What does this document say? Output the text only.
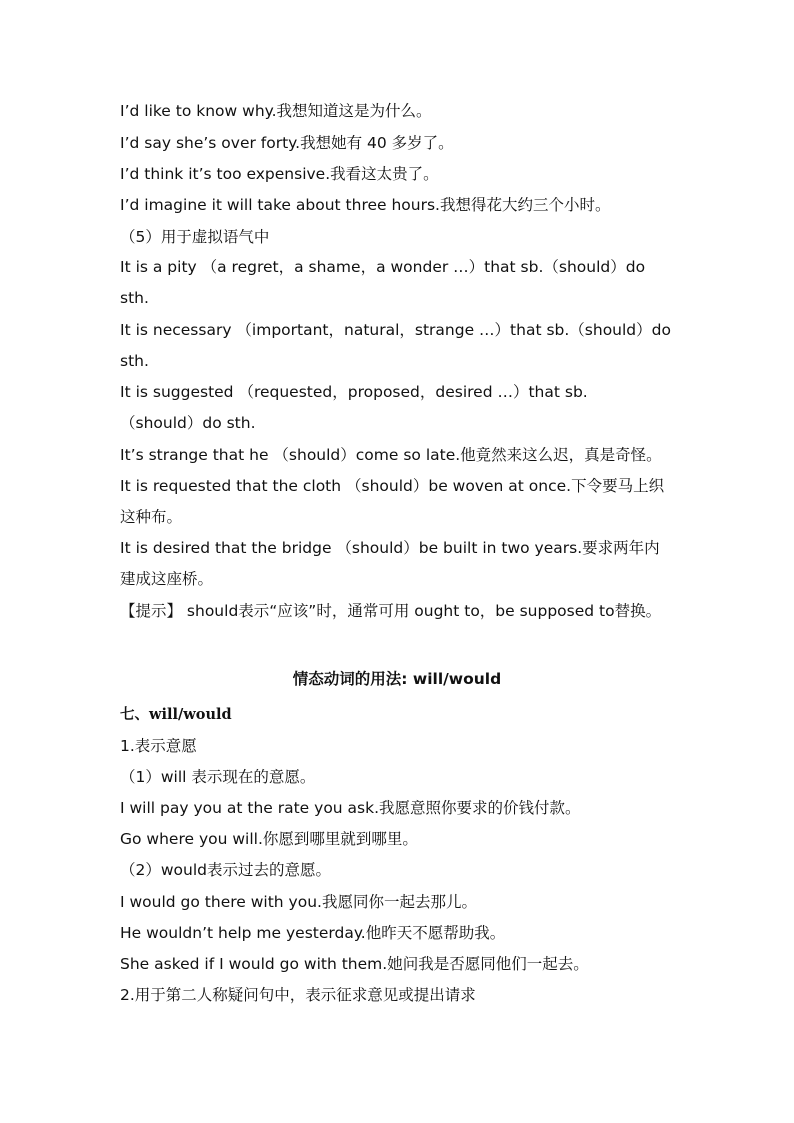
I’d like to know why.我想知道这是为什么。
I’d say she’s over forty.我想她有 40 多岁了。
I’d think it’s too expensive.我看这太贵了。
I’d imagine it will take about three hours.我想得花大约三个小时。
（5）用于虚拟语气中
It is a pity （a regret，a shame，a wonder …）that sb.（should）do
sth.
It is necessary （important，natural，strange …）that sb.（should）do
sth.
It is suggested （requested，proposed，desired …）that sb.
（should）do sth.
It’s strange that he （should）come so late.他竟然来这么迟，真是奇怪。
It is requested that the cloth （should）be woven at once.下令要马上织
这种布。
It is desired that the bridge （should）be built in two years.要求两年内
建成这座桥。
【提示】 should表示“应该”时，通常可用 ought to，be supposed to替换。
情态动词的用法: will/would
七、will/would
1.表示意愿
（1）will 表示现在的意愿。
I will pay you at the rate you ask.我愿意照你要求的价钱付款。
Go where you will.你愿到哪里就到哪里。
（2）would表示过去的意愿。
I would go there with you.我愿同你一起去那儿。
He wouldn’t help me yesterday.他昨天不愿帮助我。
She asked if I would go with them.她问我是否愿同他们一起去。
2.用于第二人称疑问句中，表示征求意见或提出请求
